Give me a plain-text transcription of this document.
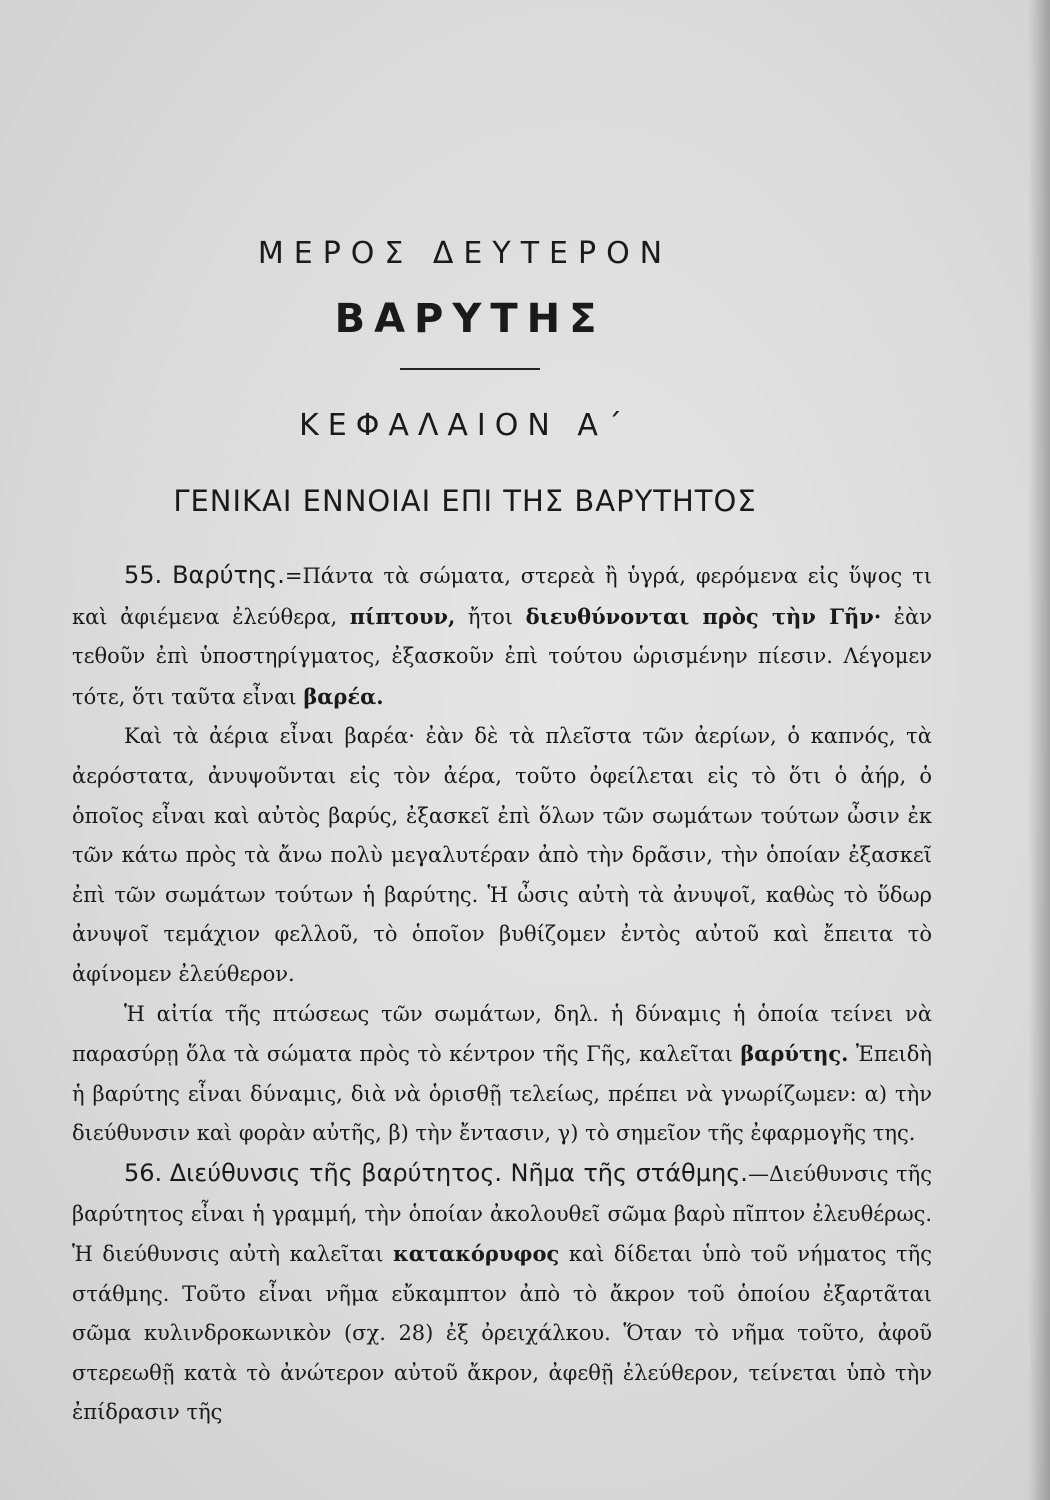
ΜΕΡΟΣ ΔΕΥΤΕΡΟΝ
ΒΑΡΥΤΗΣ
ΚΕΦΑΛΑΙΟΝ Α΄
ΓΕΝΙΚΑΙ ΕΝΝΟΙΑΙ ΕΠΙ ΤΗΣ ΒΑΡΥΤΗΤΟΣ

55. Βαρύτης.=Πάντα τὰ σώματα, στερεὰ ἢ ὑγρά, φερόμενα εἰς ὕψος τι καὶ ἀφιέμενα ἐλεύθερα, πίπτουν, ἤτοι διευθύνονται πρὸς τὴν Γῆν· ἐὰν τεθοῦν ἐπὶ ὑποστηρίγματος, ἐξασκοῦν ἐπὶ τούτου ὡρισμένην πίεσιν. Λέγομεν τότε, ὅτι ταῦτα εἶναι βαρέα.

Καὶ τὰ ἀέρια εἶναι βαρέα· ἐὰν δὲ τὰ πλεῖστα τῶν ἀερίων, ὁ καπνός, τὰ ἀερόστατα, ἀνυψοῦνται εἰς τὸν ἀέρα, τοῦτο ὀφείλεται εἰς τὸ ὅτι ὁ ἀήρ, ὁ ὁποῖος εἶναι καὶ αὐτὸς βαρύς, ἐξασκεῖ ἐπὶ ὅλων τῶν σωμάτων τούτων ὦσιν ἐκ τῶν κάτω πρὸς τὰ ἄνω πολὺ μεγαλυτέραν ἀπὸ τὴν δρᾶσιν, τὴν ὁποίαν ἐξασκεῖ ἐπὶ τῶν σωμάτων τούτων ἡ βαρύτης. Ἡ ὦσις αὐτὴ τὰ ἀνυψοῖ, καθὼς τὸ ὕδωρ ἀνυψοῖ τεμάχιον φελλοῦ, τὸ ὁποῖον βυθίζομεν ἐντὸς αὐτοῦ καὶ ἔπειτα τὸ ἀφίνομεν ἐλεύθερον.

Ἡ αἰτία τῆς πτώσεως τῶν σωμάτων, δηλ. ἡ δύναμις ἡ ὁποία τείνει νὰ παρασύρῃ ὅλα τὰ σώματα πρὸς τὸ κέντρον τῆς Γῆς, καλεῖται βαρύτης. Ἐπειδὴ ἡ βαρύτης εἶναι δύναμις, διὰ νὰ ὁρισθῇ τελείως, πρέπει νὰ γνωρίζωμεν: α) τὴν διεύθυνσιν καὶ φορὰν αὐτῆς, β) τὴν ἔντασιν, γ) τὸ σημεῖον τῆς ἐφαρμογῆς της.

56. Διεύθυνσις τῆς βαρύτητος. Νῆμα τῆς στάθμης.—Διεύθυνσις τῆς βαρύτητος εἶναι ἡ γραμμή, τὴν ὁποίαν ἀκολουθεῖ σῶμα βαρὺ πῖπτον ἐλευθέρως. Ἡ διεύθυνσις αὐτὴ καλεῖται κατακόρυφος καὶ δίδεται ὑπὸ τοῦ νήματος τῆς στάθμης. Τοῦτο εἶναι νῆμα εὔκαμπτον ἀπὸ τὸ ἄκρον τοῦ ὁποίου ἐξαρτᾶται σῶμα κυλινδροκωνικὸν (σχ. 28) ἐξ ὀρειχάλκου. Ὅταν τὸ νῆμα τοῦτο, ἀφοῦ στερεωθῇ κατὰ τὸ ἀνώτερον αὐτοῦ ἄκρον, ἀφεθῇ ἐλεύθερον, τείνεται ὑπὸ τὴν ἐπίδρασιν τῆς
